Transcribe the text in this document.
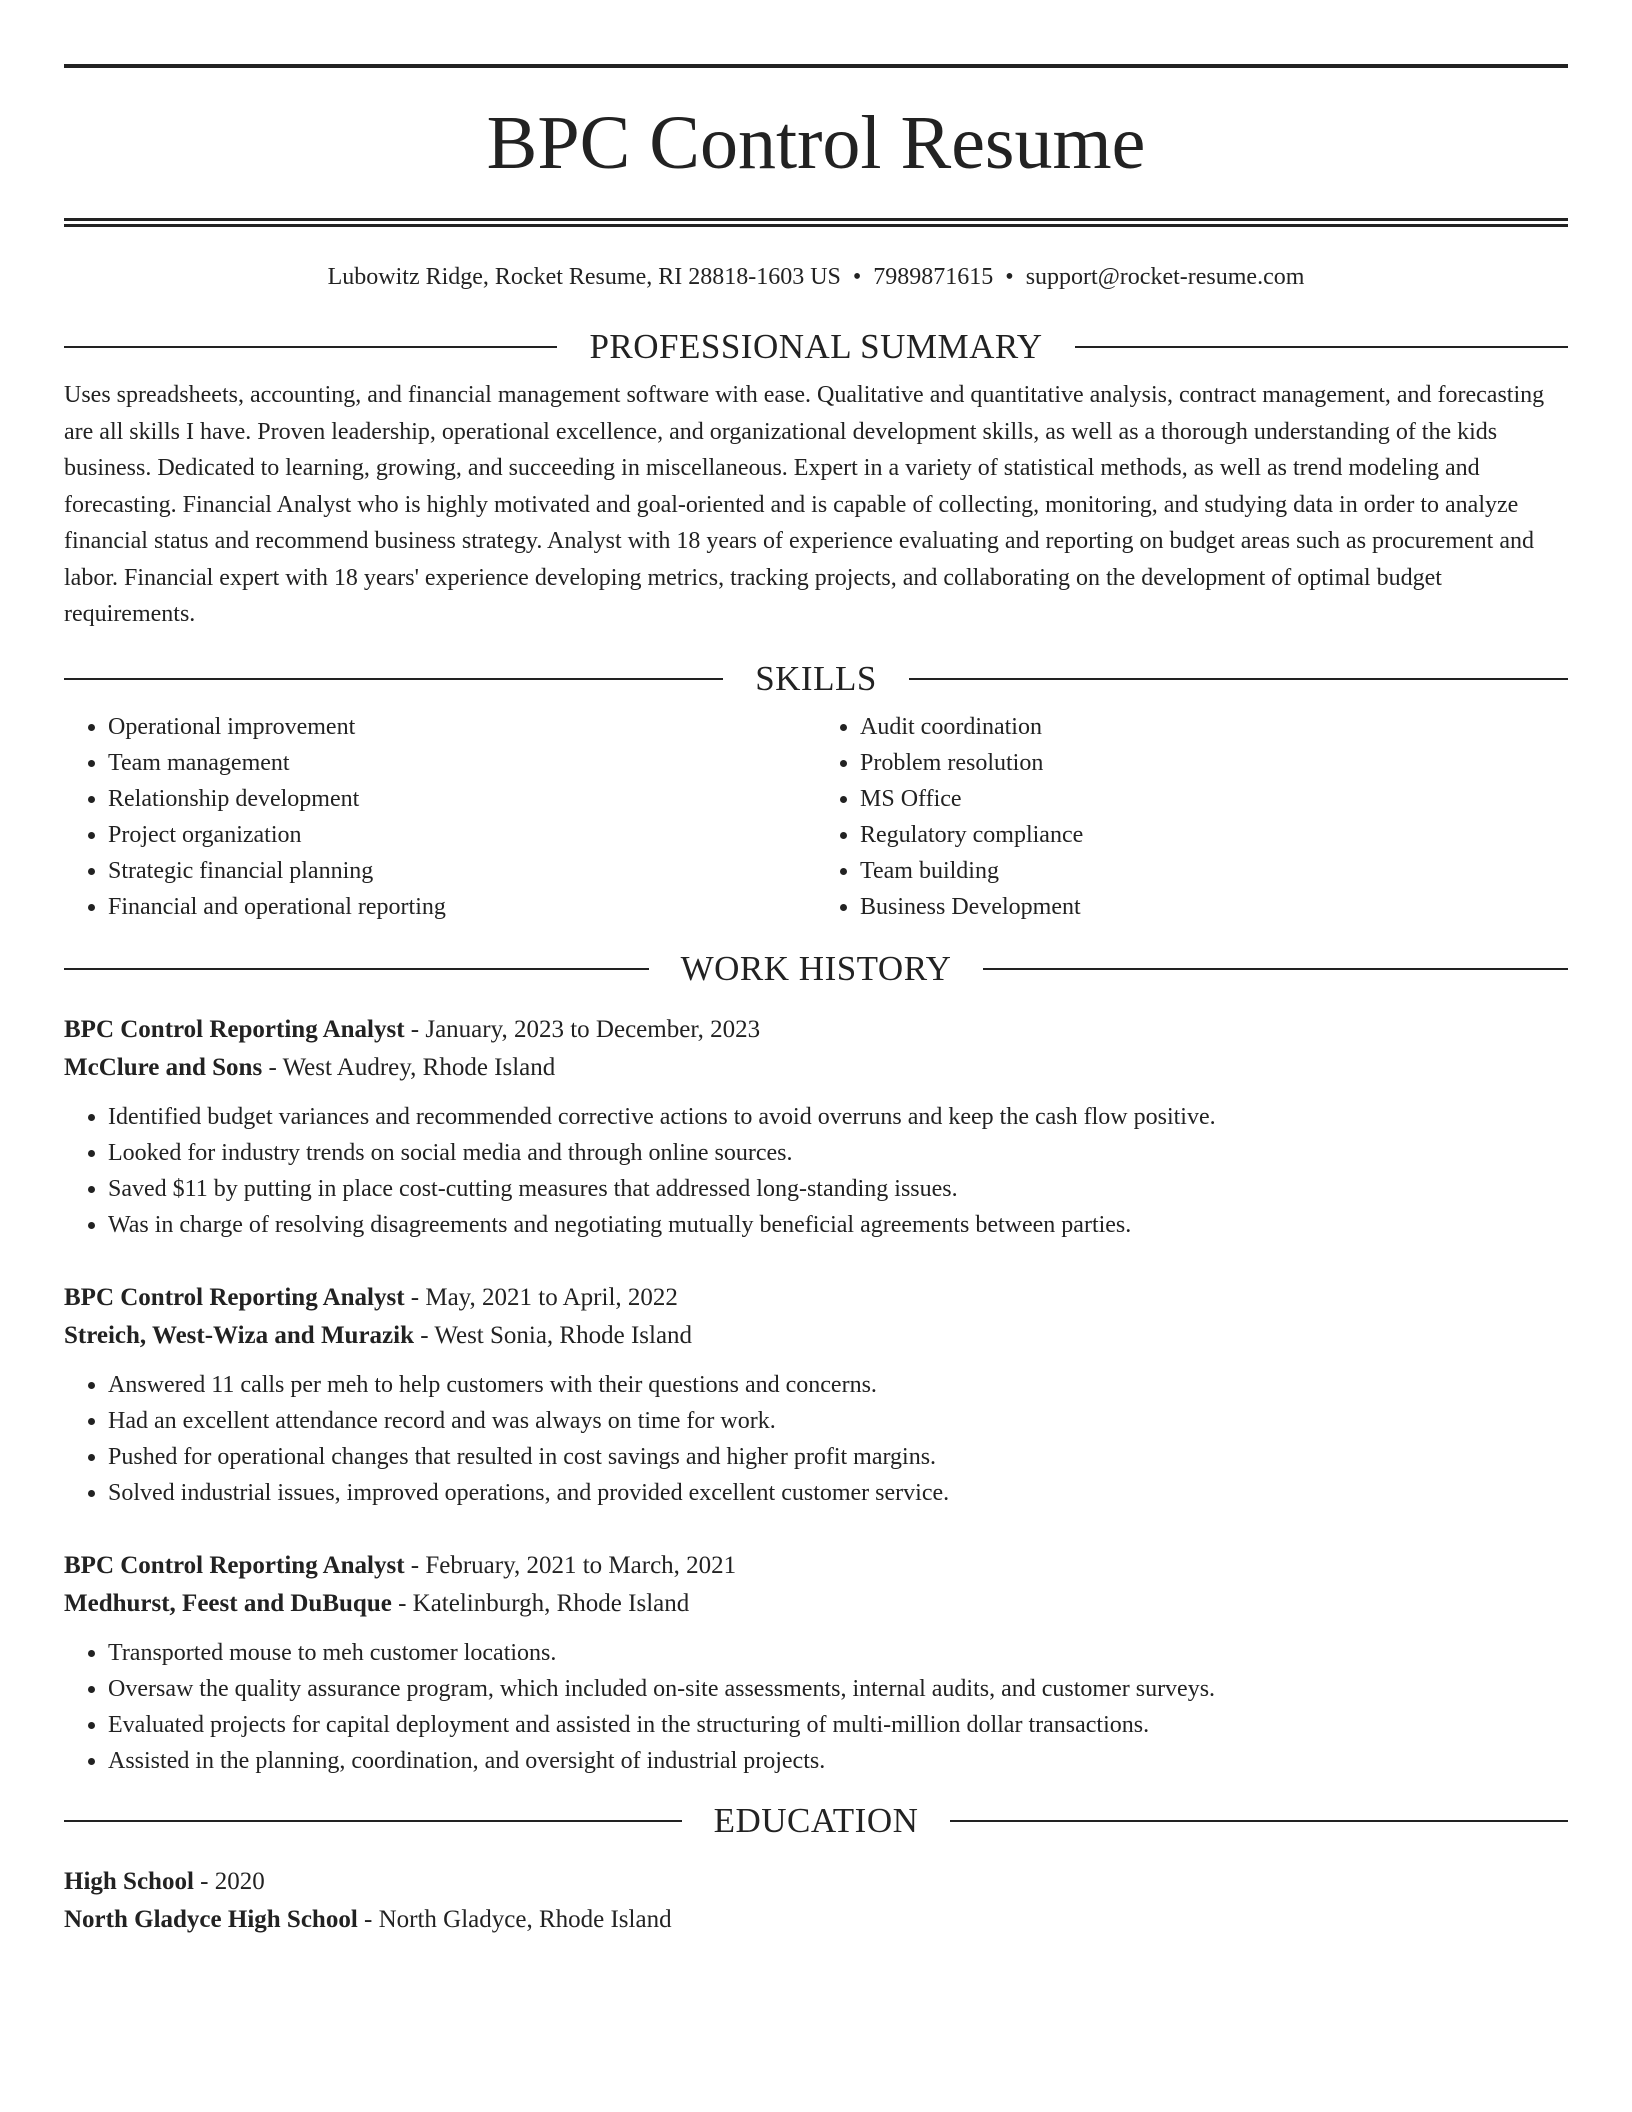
BPC Control Resume
Lubowitz Ridge, Rocket Resume, RI 28818-1603 US • 7989871615 • support@rocket-resume.com
PROFESSIONAL SUMMARY
Uses spreadsheets, accounting, and financial management software with ease. Qualitative and quantitative analysis, contract management, and forecasting are all skills I have. Proven leadership, operational excellence, and organizational development skills, as well as a thorough understanding of the kids business. Dedicated to learning, growing, and succeeding in miscellaneous. Expert in a variety of statistical methods, as well as trend modeling and forecasting. Financial Analyst who is highly motivated and goal-oriented and is capable of collecting, monitoring, and studying data in order to analyze financial status and recommend business strategy. Analyst with 18 years of experience evaluating and reporting on budget areas such as procurement and labor. Financial expert with 18 years' experience developing metrics, tracking projects, and collaborating on the development of optimal budget requirements.
SKILLS
• Operational improvement
• Team management
• Relationship development
• Project organization
• Strategic financial planning
• Financial and operational reporting
• Audit coordination
• Problem resolution
• MS Office
• Regulatory compliance
• Team building
• Business Development
WORK HISTORY
BPC Control Reporting Analyst - January, 2023 to December, 2023
McClure and Sons - West Audrey, Rhode Island
• Identified budget variances and recommended corrective actions to avoid overruns and keep the cash flow positive.
• Looked for industry trends on social media and through online sources.
• Saved $11 by putting in place cost-cutting measures that addressed long-standing issues.
• Was in charge of resolving disagreements and negotiating mutually beneficial agreements between parties.
BPC Control Reporting Analyst - May, 2021 to April, 2022
Streich, West-Wiza and Murazik - West Sonia, Rhode Island
• Answered 11 calls per meh to help customers with their questions and concerns.
• Had an excellent attendance record and was always on time for work.
• Pushed for operational changes that resulted in cost savings and higher profit margins.
• Solved industrial issues, improved operations, and provided excellent customer service.
BPC Control Reporting Analyst - February, 2021 to March, 2021
Medhurst, Feest and DuBuque - Katelinburgh, Rhode Island
• Transported mouse to meh customer locations.
• Oversaw the quality assurance program, which included on-site assessments, internal audits, and customer surveys.
• Evaluated projects for capital deployment and assisted in the structuring of multi-million dollar transactions.
• Assisted in the planning, coordination, and oversight of industrial projects.
EDUCATION
High School - 2020
North Gladyce High School - North Gladyce, Rhode Island
